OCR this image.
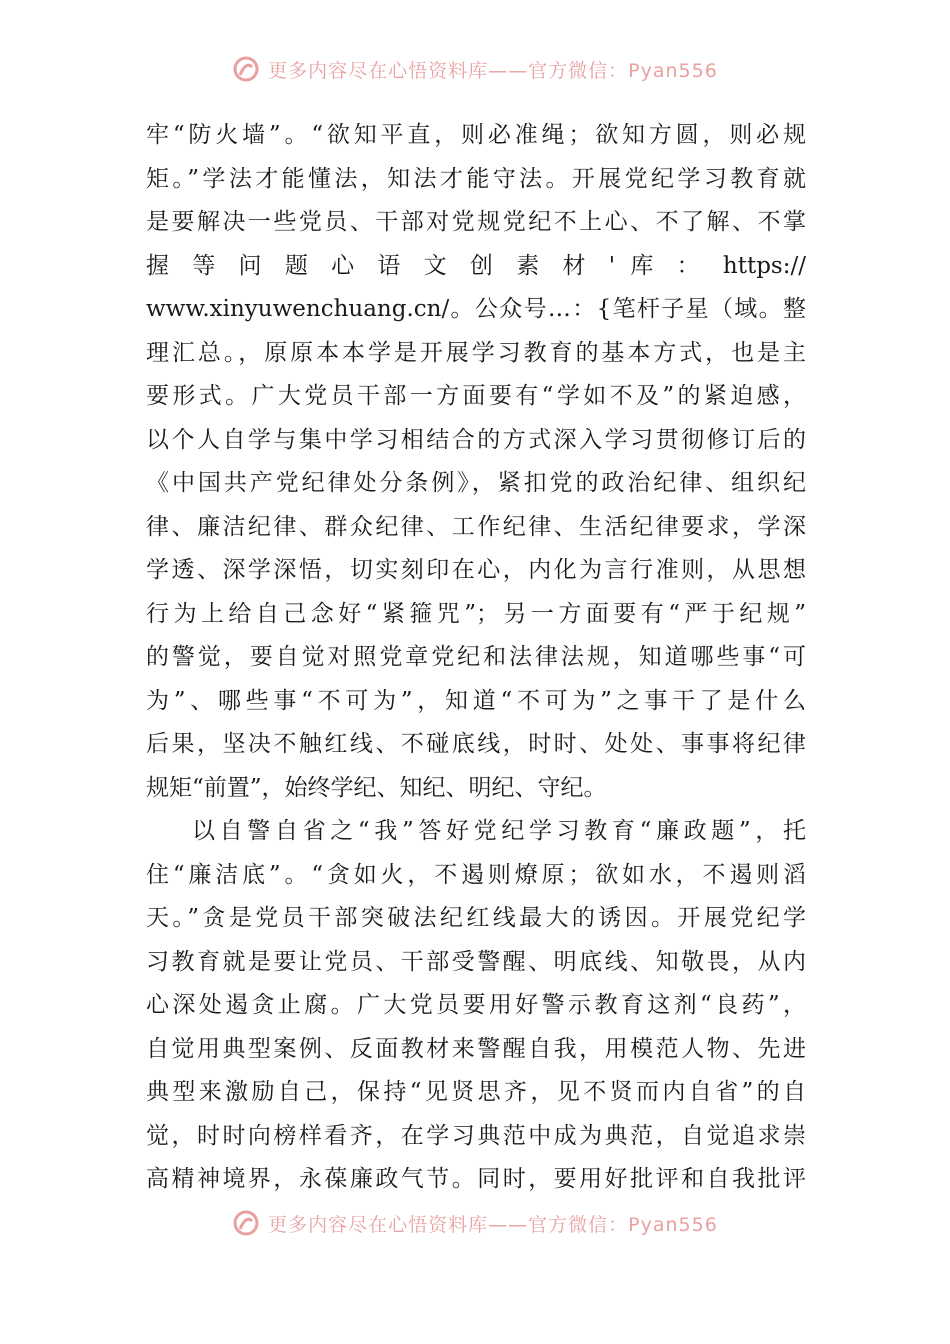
更多内容尽在心悟资料库——官方微信：Pyan556
牢“防火墙”。“欲知平直，则必准绳；欲知方圆，则必规
矩。”学法才能懂法，知法才能守法。开展党纪学习教育就
是要解决一些党员、干部对党规党纪不上心、不了解、不掌
握 等 问 题 心 语 文 创 素 材 ' 库 ： https://
www.xinyuwenchuang.cn/。公众号…：{笔杆子星（域。整
理汇总。，原原本本学是开展学习教育的基本方式，也是主
要形式。广大党员干部一方面要有“学如不及”的紧迫感，
以个人自学与集中学习相结合的方式深入学习贯彻修订后的
《中国共产党纪律处分条例》，紧扣党的政治纪律、组织纪
律、廉洁纪律、群众纪律、工作纪律、生活纪律要求，学深
学透、深学深悟，切实刻印在心，内化为言行准则，从思想
行为上给自己念好“紧箍咒”；另一方面要有“严于纪规”
的警觉，要自觉对照党章党纪和法律法规，知道哪些事“可
为”、哪些事“不可为”，知道“不可为”之事干了是什么
后果，坚决不触红线、不碰底线，时时、处处、事事将纪律
规矩“前置”，始终学纪、知纪、明纪、守纪。
以自警自省之“我”答好党纪学习教育“廉政题”，托
住“廉洁底”。“贪如火，不遏则燎原；欲如水，不遏则滔
天。”贪是党员干部突破法纪红线最大的诱因。开展党纪学
习教育就是要让党员、干部受警醒、明底线、知敬畏，从内
心深处遏贪止腐。广大党员要用好警示教育这剂“良药”，
自觉用典型案例、反面教材来警醒自我，用模范人物、先进
典型来激励自己，保持“见贤思齐，见不贤而内自省”的自
觉，时时向榜样看齐，在学习典范中成为典范，自觉追求崇
高精神境界，永葆廉政气节。同时，要用好批评和自我批评
更多内容尽在心悟资料库——官方微信：Pyan556
